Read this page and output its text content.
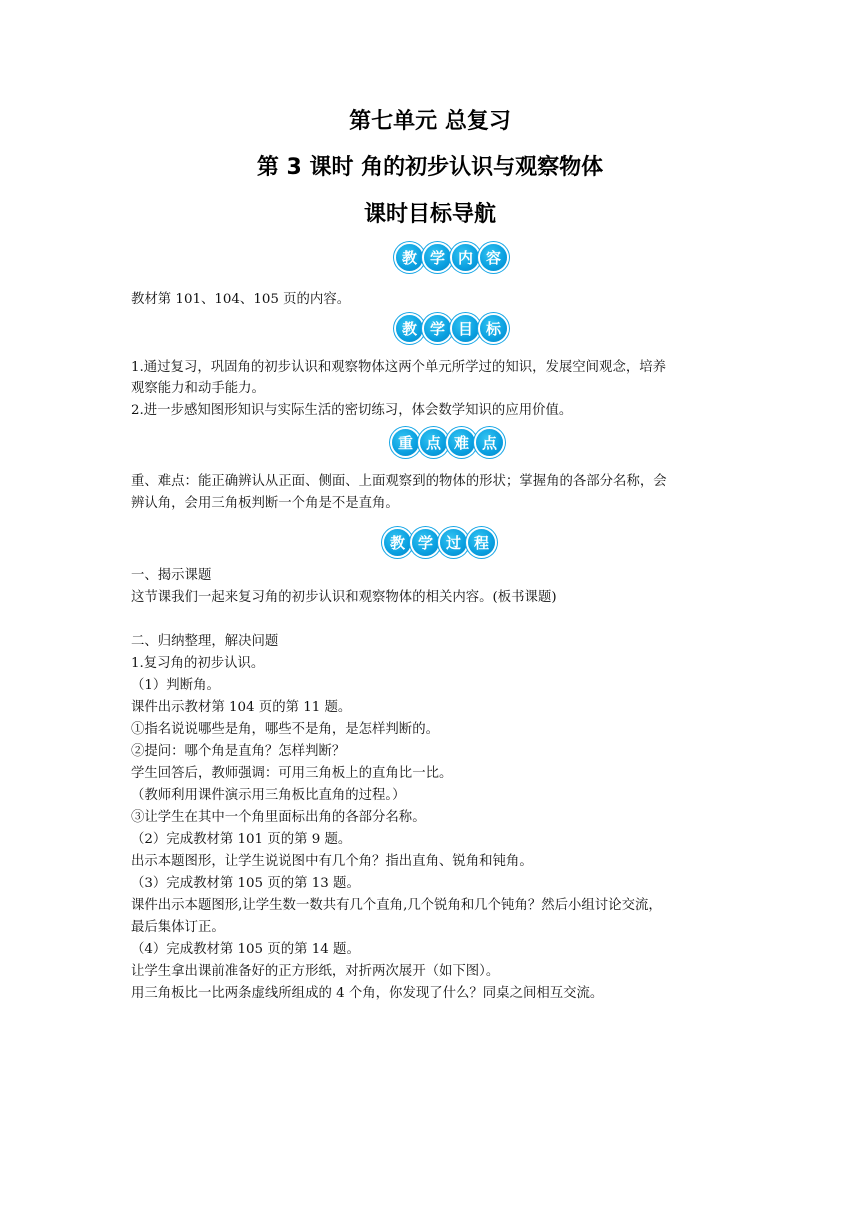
第七单元 总复习
第 3 课时 角的初步认识与观察物体
课时目标导航
教 学 内 容
教材第 101、104、105 页的内容。
教 学 目 标
1.通过复习，巩固角的初步认识和观察物体这两个单元所学过的知识，发展空间观念，培养
观察能力和动手能力。
2.进一步感知图形知识与实际生活的密切练习，体会数学知识的应用价值。
重 点 难 点
重、难点：能正确辨认从正面、侧面、上面观察到的物体的形状；掌握角的各部分名称，会
辨认角，会用三角板判断一个角是不是直角。
教 学 过 程
一、揭示课题
这节课我们一起来复习角的初步认识和观察物体的相关内容。(板书课题)
二、归纳整理，解决问题
1.复习角的初步认识。
（1）判断角。
课件出示教材第 104 页的第 11 题。
①指名说说哪些是角，哪些不是角，是怎样判断的。
②提问：哪个角是直角？怎样判断？
学生回答后，教师强调：可用三角板上的直角比一比。
（教师利用课件演示用三角板比直角的过程。）
③让学生在其中一个角里面标出角的各部分名称。
（2）完成教材第 101 页的第 9 题。
出示本题图形，让学生说说图中有几个角？指出直角、锐角和钝角。
（3）完成教材第 105 页的第 13 题。
课件出示本题图形,让学生数一数共有几个直角,几个锐角和几个钝角？然后小组讨论交流，
最后集体订正。
（4）完成教材第 105 页的第 14 题。
让学生拿出课前准备好的正方形纸，对折两次展开（如下图）。
用三角板比一比两条虚线所组成的 4 个角，你发现了什么？同桌之间相互交流。
